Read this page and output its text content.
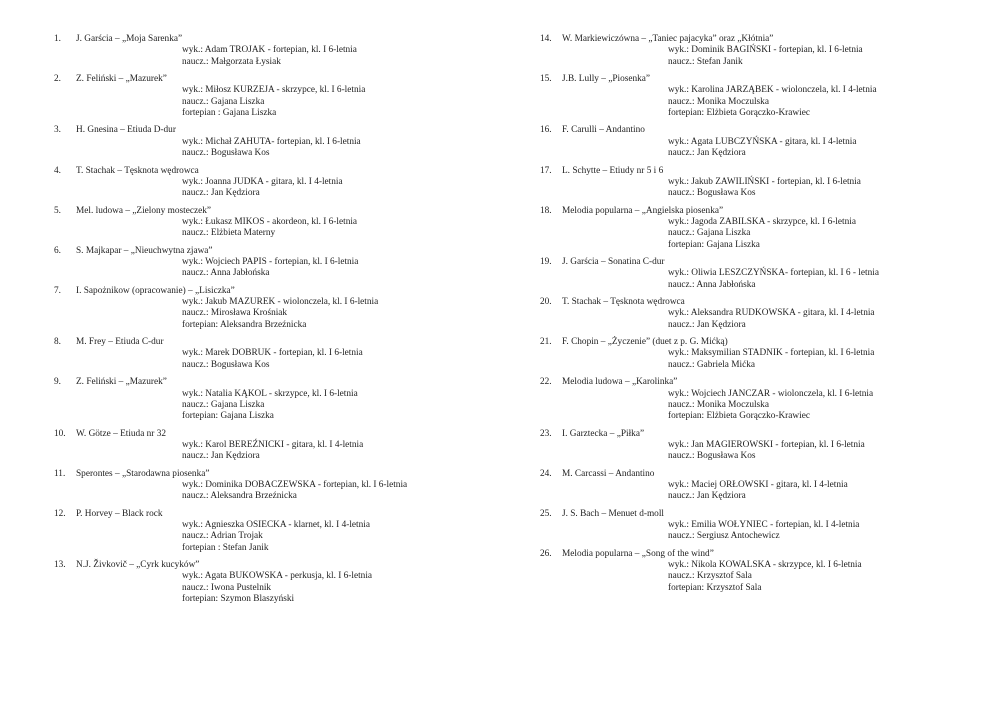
1. J. Garścia – „Moja Sarenka”
wyk.: Adam TROJAK - fortepian, kl. I 6-letnia
naucz.: Małgorzata Łysiak
2. Z. Feliński – „Mazurek”
wyk.: Miłosz KURZEJA - skrzypce, kl. I 6-letnia
naucz.: Gajana Liszka
fortepian : Gajana Liszka
3. H. Gnesina – Etiuda D-dur
wyk.: Michał ZAHUTA- fortepian, kl. I 6-letnia
naucz.: Bogusława Kos
4. T. Stachak – Tęsknota wędrowca
wyk.: Joanna JUDKA - gitara, kl. I 4-letnia
naucz.: Jan Kędziora
5. Mel. ludowa – „Zielony mosteczek”
wyk.: Łukasz MIKOS - akordeon, kl. I 6-letnia
naucz.: Elżbieta Materny
6. S. Majkapar – „Nieuchwytna zjawa”
wyk.: Wojciech PAPIS - fortepian, kl. I 6-letnia
naucz.: Anna Jabłońska
7. I. Sapożnikow (opracowanie) – „Lisiczka”
wyk.: Jakub MAZUREK - wiolonczela, kl. I 6-letnia
naucz.: Mirosława Krośniak
fortepian: Aleksandra Brzeźnicka
8. M. Frey – Etiuda C-dur
wyk.: Marek DOBRUK - fortepian, kl. I 6-letnia
naucz.: Bogusława Kos
9. Z. Feliński – „Mazurek”
wyk.: Natalia KĄKOL - skrzypce, kl. I 6-letnia
naucz.: Gajana Liszka
fortepian: Gajana Liszka
10. W. Götze – Etiuda nr 32
wyk.: Karol BEREŹNICKI - gitara, kl. I 4-letnia
naucz.: Jan Kędziora
11. Sperontes – „Starodawna piosenka”
wyk.: Dominika DOBACZEWSKA - fortepian, kl. I 6-letnia
naucz.: Aleksandra Brzeźnicka
12. P. Horvey – Black rock
wyk.: Agnieszka OSIECKA - klarnet, kl. I 4-letnia
naucz.: Adrian Trojak
fortepian : Stefan Janik
13. N.J. Živkovič – „Cyrk kucyków”
wyk.: Agata BUKOWSKA - perkusja, kl. I 6-letnia
naucz.: Iwona Pustelnik
fortepian: Szymon Blaszyński
14. W. Markiewiczówna – „Taniec pajacyka” oraz „Kłótnia”
wyk.: Dominik BAGIŃSKI - fortepian, kl. I 6-letnia
naucz.: Stefan Janik
15. J.B. Lully – „Piosenka”
wyk.: Karolina JARZĄBEK - wiolonczela, kl. I 4-letnia
naucz.: Monika Moczulska
fortepian: Elżbieta Gorączko-Krawiec
16. F. Carulli – Andantino
wyk.: Agata LUBCZYŃSKA - gitara, kl. I 4-letnia
naucz.: Jan Kędziora
17. L. Schytte – Etiudy nr 5 i 6
wyk.: Jakub ZAWILIŃSKI - fortepian, kl. I 6-letnia
naucz.: Bogusława Kos
18. Melodia popularna – „Angielska piosenka”
wyk.: Jagoda ZABILSKA - skrzypce, kl. I 6-letnia
naucz.: Gajana Liszka
fortepian: Gajana Liszka
19. J. Garścia – Sonatina C-dur
wyk.: Oliwia LESZCZYŃSKA- fortepian, kl. I 6 - letnia
naucz.: Anna Jabłońska
20. T. Stachak – Tęsknota wędrowca
wyk.: Aleksandra RUDKOWSKA - gitara, kl. I 4-letnia
naucz.: Jan Kędziora
21. F. Chopin – „Życzenie” (duet z p. G. Mićką)
wyk.: Maksymilian STADNIK - fortepian, kl. I 6-letnia
naucz.: Gabriela Mićka
22. Melodia ludowa – „Karolinka”
wyk.: Wojciech JANCZAR - wiolonczela, kl. I 6-letnia
naucz.: Monika Moczulska
fortepian: Elżbieta Gorączko-Krawiec
23. I. Garztecka – „Piłka”
wyk.: Jan MAGIEROWSKI - fortepian, kl. I 6-letnia
naucz.: Bogusława Kos
24. M. Carcassi – Andantino
wyk.: Maciej ORŁOWSKI - gitara, kl. I 4-letnia
naucz.: Jan Kędziora
25. J. S. Bach – Menuet d-moll
wyk.: Emilia WOŁYNIEC - fortepian, kl. I 4-letnia
naucz.: Sergiusz Antochewicz
26. Melodia popularna – „Song of the wind”
wyk.: Nikola KOWALSKA - skrzypce, kl. I 6-letnia
naucz.: Krzysztof Sala
fortepian: Krzysztof Sala
